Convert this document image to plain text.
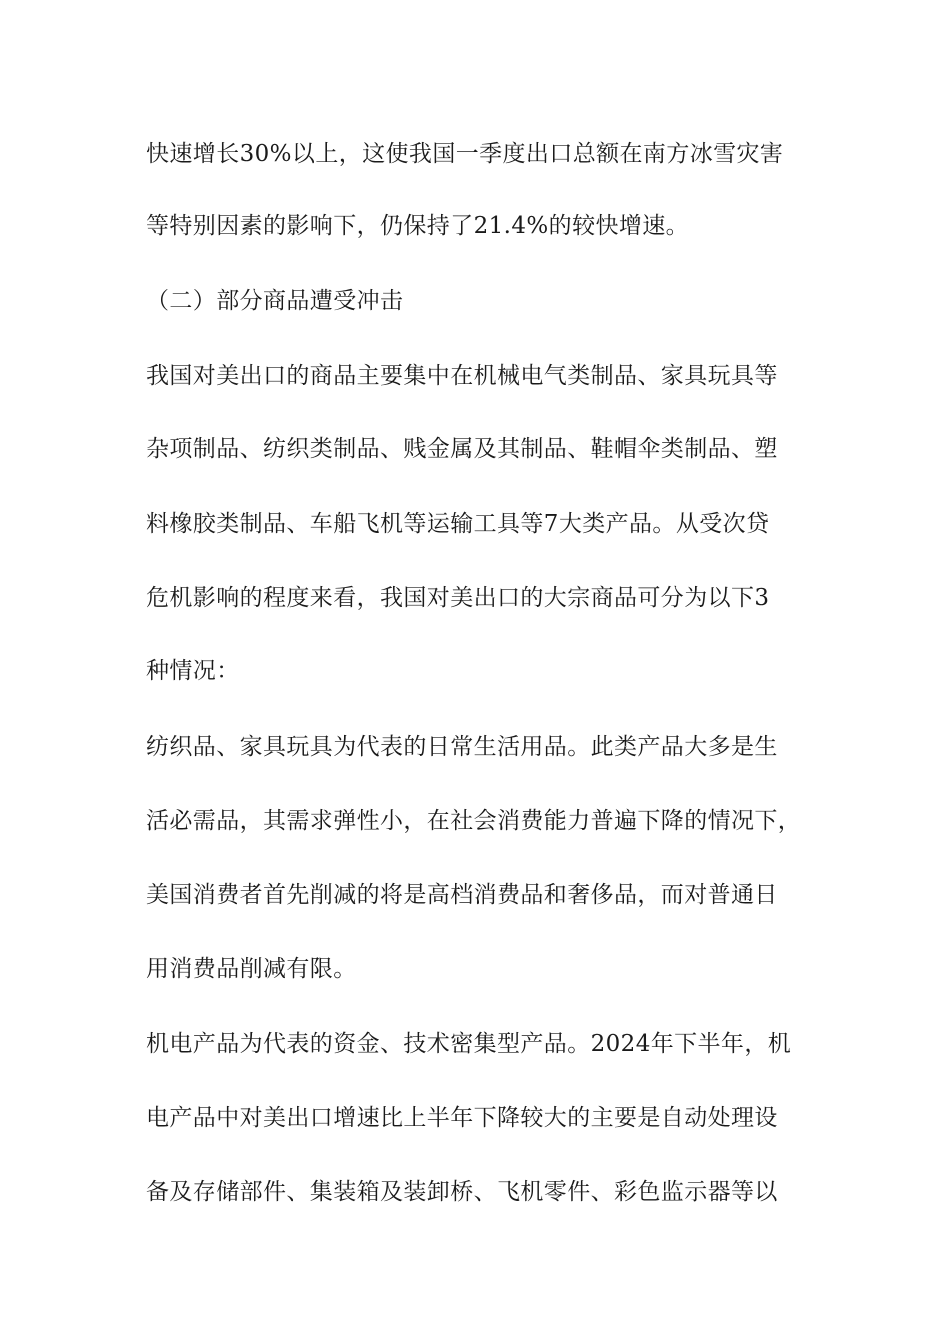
快速增长30%以上，这使我国一季度出口总额在南方冰雪灾害
等特别因素的影响下，仍保持了21.4%的较快增速。
（二）部分商品遭受冲击
我国对美出口的商品主要集中在机械电气类制品、家具玩具等
杂项制品、纺织类制品、贱金属及其制品、鞋帽伞类制品、塑
料橡胶类制品、车船飞机等运输工具等7大类产品。从受次贷
危机影响的程度来看，我国对美出口的大宗商品可分为以下3
种情况：
纺织品、家具玩具为代表的日常生活用品。此类产品大多是生
活必需品，其需求弹性小，在社会消费能力普遍下降的情况下，
美国消费者首先削减的将是高档消费品和奢侈品，而对普通日
用消费品削减有限。
机电产品为代表的资金、技术密集型产品。2024年下半年，机
电产品中对美出口增速比上半年下降较大的主要是自动处理设
备及存储部件、集装箱及装卸桥、飞机零件、彩色监示器等以
